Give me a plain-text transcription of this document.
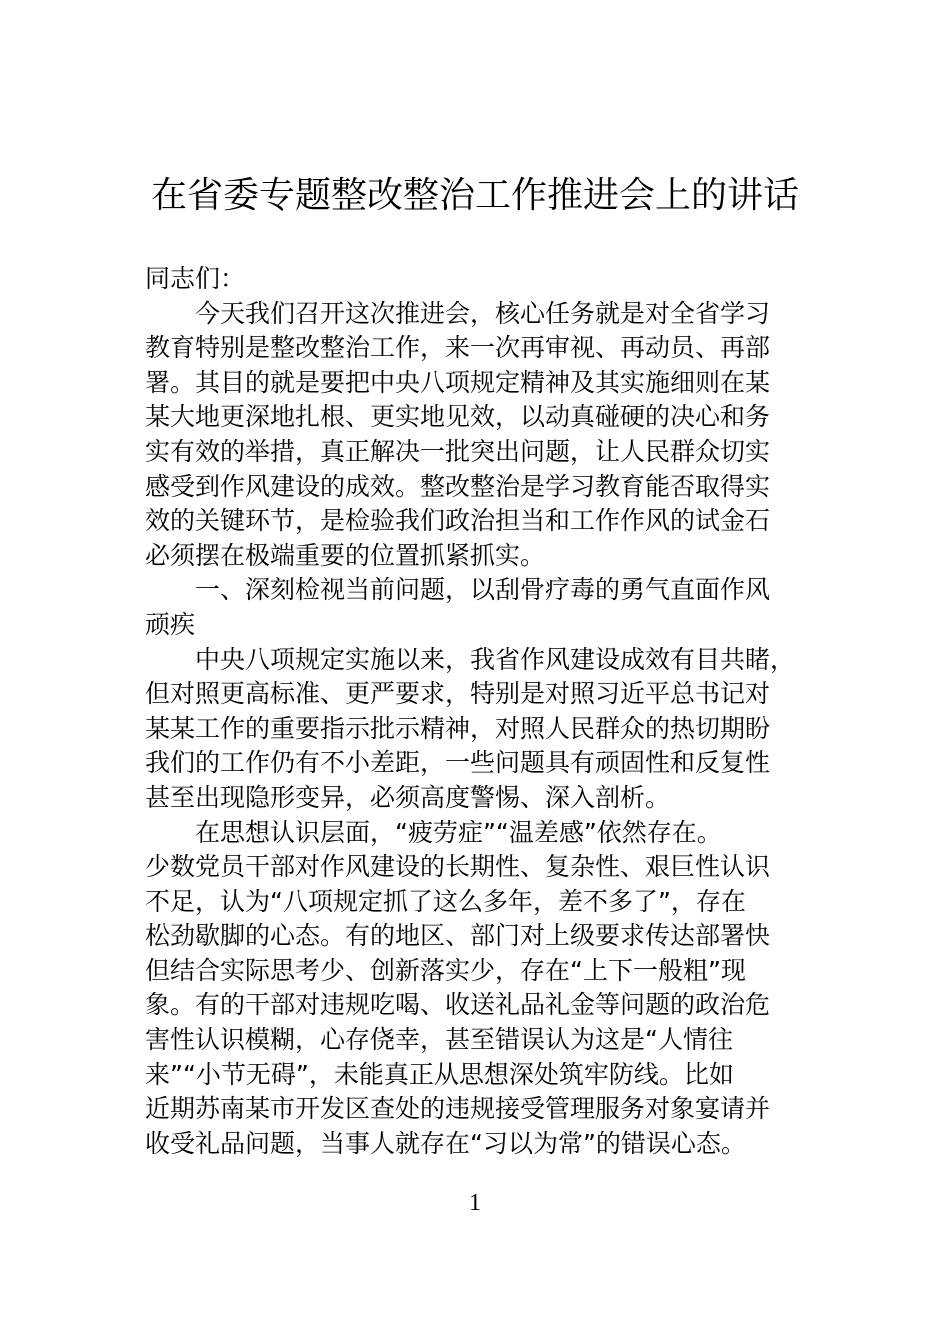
在省委专题整改整治工作推进会上的讲话
同志们：
今天我们召开这次推进会，核心任务就是对全省学习
教育特别是整改整治工作，来一次再审视、再动员、再部
署。其目的就是要把中央八项规定精神及其实施细则在某
某大地更深地扎根、更实地见效，以动真碰硬的决心和务
实有效的举措，真正解决一批突出问题，让人民群众切实
感受到作风建设的成效。整改整治是学习教育能否取得实
效的关键环节，是检验我们政治担当和工作作风的试金石
必须摆在极端重要的位置抓紧抓实。
一、深刻检视当前问题，以刮骨疗毒的勇气直面作风
顽疾
中央八项规定实施以来，我省作风建设成效有目共睹，
但对照更高标准、更严要求，特别是对照习近平总书记对
某某工作的重要指示批示精神，对照人民群众的热切期盼
我们的工作仍有不小差距，一些问题具有顽固性和反复性
甚至出现隐形变异，必须高度警惕、深入剖析。
在思想认识层面，“疲劳症”“温差感”依然存在。
少数党员干部对作风建设的长期性、复杂性、艰巨性认识
不足，认为“八项规定抓了这么多年，差不多了”，存在
松劲歇脚的心态。有的地区、部门对上级要求传达部署快
但结合实际思考少、创新落实少，存在“上下一般粗”现
象。有的干部对违规吃喝、收送礼品礼金等问题的政治危
害性认识模糊，心存侥幸，甚至错误认为这是“人情往
来”“小节无碍”，未能真正从思想深处筑牢防线。比如
近期苏南某市开发区查处的违规接受管理服务对象宴请并
收受礼品问题，当事人就存在“习以为常”的错误心态。
1
